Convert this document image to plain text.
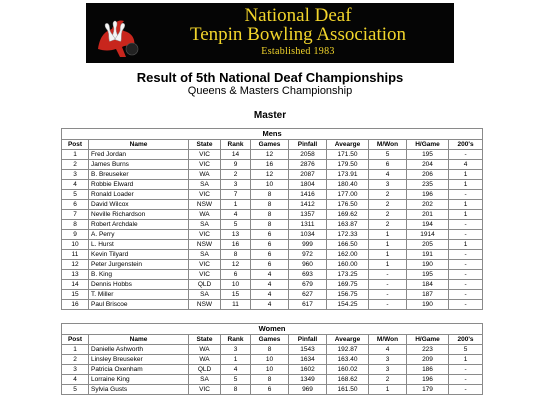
National Deaf
Tenpin Bowling Association
Established 1983
Result of 5th National Deaf Championships
Queens & Masters Championship
Master
Mens									
Post	Name	State	Rank	Games	Pinfall	Avearge	M/Won	H/Game	200's
1	Fred Jordan	VIC	14	12	2058	171.50	5	195	-
2	James Burns	VIC	9	16	2876	179.50	6	204	4
3	B. Breuseker	WA	2	12	2087	173.91	4	206	1
4	Robbie Elward	SA	3	10	1804	180.40	3	235	1
5	Ronald Loader	VIC	7	8	1416	177.00	2	196	-
6	David Wilcox	NSW	1	8	1412	176.50	2	202	1
7	Neville Richardson	WA	4	8	1357	169.62	2	201	1
8	Robert Archdale	SA	5	8	1311	163.87	2	194	-
9	A. Perry	VIC	13	6	1034	172.33	1	1914	-
10	L. Hurst	NSW	16	6	999	166.50	1	205	1
11	Kevin Tilyard	SA	8	6	972	162.00	1	191	-
12	Peter Jurgenstein	VIC	12	6	960	160.00	1	190	-
13	B. King	VIC	6	4	693	173.25	-	195	-
14	Dennis Hobbs	QLD	10	4	679	169.75	-	184	-
15	T. Miller	SA	15	4	627	156.75	-	187	-
16	Paul Briscoe	NSW	11	4	617	154.25	-	190	-
Women									
Post	Name	State	Rank	Games	Pinfall	Avearge	M/Won	H/Game	200's
1	Danielle Ashworth	WA	3	8	1543	192.87	4	223	5
2	Linsley Breuseker	WA	1	10	1634	163.40	3	209	1
3	Patricia Oxenham	QLD	4	10	1602	160.02	3	186	-
4	Lorraine King	SA	5	8	1349	168.62	2	196	-
5	Sylvia Gusts	VIC	8	6	969	161.50	1	179	-
